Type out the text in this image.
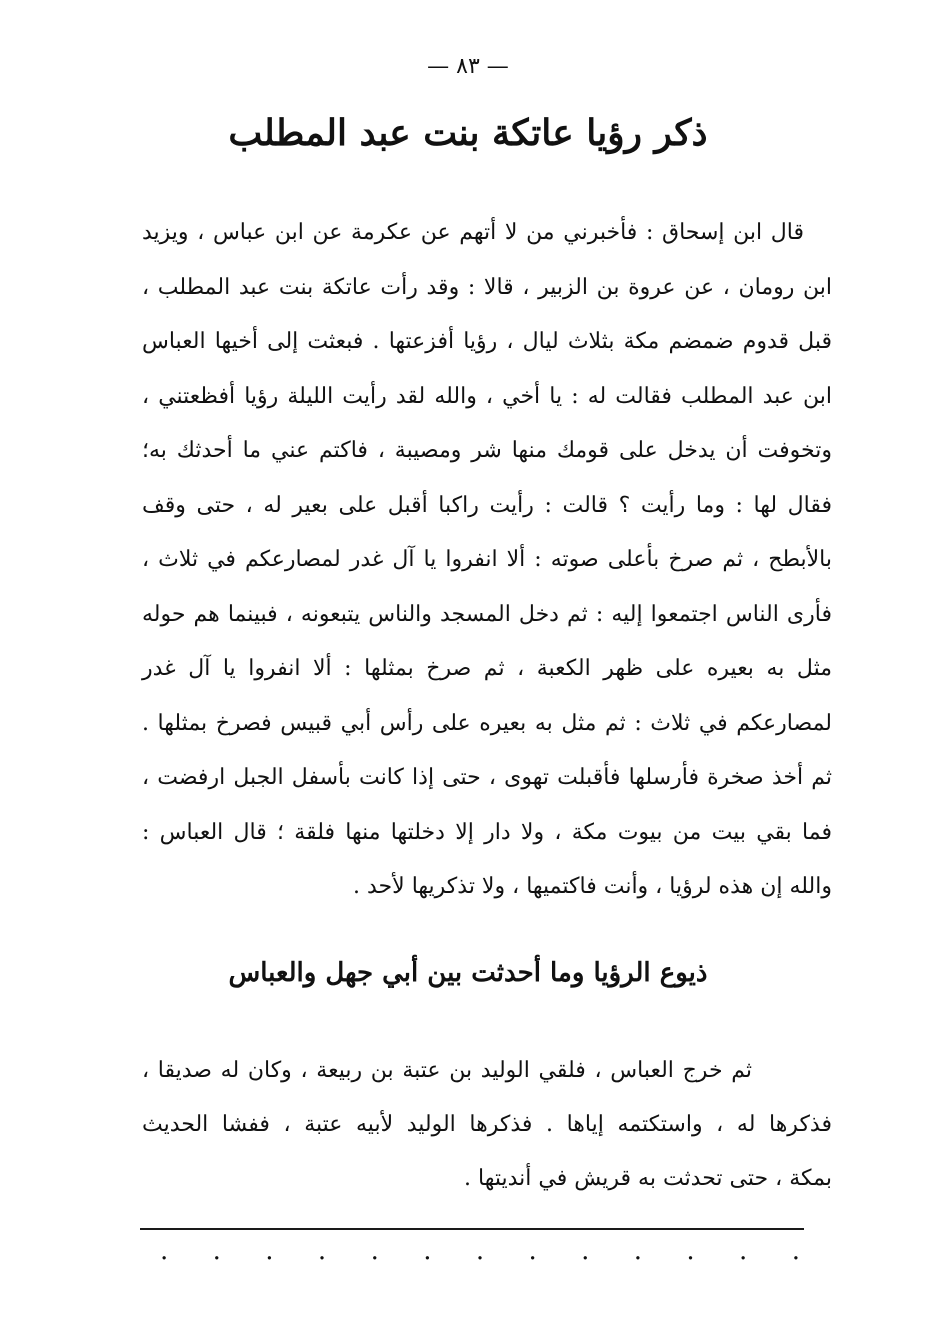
— ٨٣ —
ذكر رؤيا عاتكة بنت عبد المطلب

قال ابن إسحاق : فأخبرني من لا أتهم عن عكرمة عن ابن عباس ، ويزيد
ابن رومان ، عن عروة بن الزبير ، قالا : وقد رأت عاتكة بنت عبد المطلب ،
قبل قدوم ضمضم مكة بثلاث ليال ، رؤيا أفزعتها . فبعثت إلى أخيها العباس
ابن عبد المطلب فقالت له : يا أخي ، والله لقد رأيت الليلة رؤيا أفظعتني ،
وتخوفت أن يدخل على قومك منها شر ومصيبة ، فاكتم عني ما أحدثك به؛
فقال لها : وما رأيت ؟ قالت : رأيت راكبا أقبل على بعير له ، حتى وقف
بالأبطح ، ثم صرخ بأعلى صوته : ألا انفروا يا آل غدر لمصارعكم في ثلاث ،
فأرى الناس اجتمعوا إليه : ثم دخل المسجد والناس يتبعونه ، فبينما هم حوله
مثل به بعيره على ظهر الكعبة ، ثم صرخ بمثلها : ألا انفروا يا آل غدر
لمصارعكم في ثلاث : ثم مثل به بعيره على رأس أبي قبيس فصرخ بمثلها .
ثم أخذ صخرة فأرسلها فأقبلت تهوى ، حتى إذا كانت بأسفل الجبل ارفضت ،
فما بقي بيت من بيوت مكة ، ولا دار إلا دخلتها منها فلقة ؛ قال العباس :
والله إن هذه لرؤيا ، وأنت فاكتميها ، ولا تذكريها لأحد .

ذيوع الرؤيا وما أحدثت بين أبي جهل والعباس

ثم خرج العباس ، فلقي الوليد بن عتبة بن ربيعة ، وكان له صديقا ،
فذكرها له ، واستكتمه إياها . فذكرها الوليد لأبيه عتبة ، ففشا الحديث
بمكة ، حتى تحدثت به قريش في أنديتها .

. . . . . . . . . . . . .
